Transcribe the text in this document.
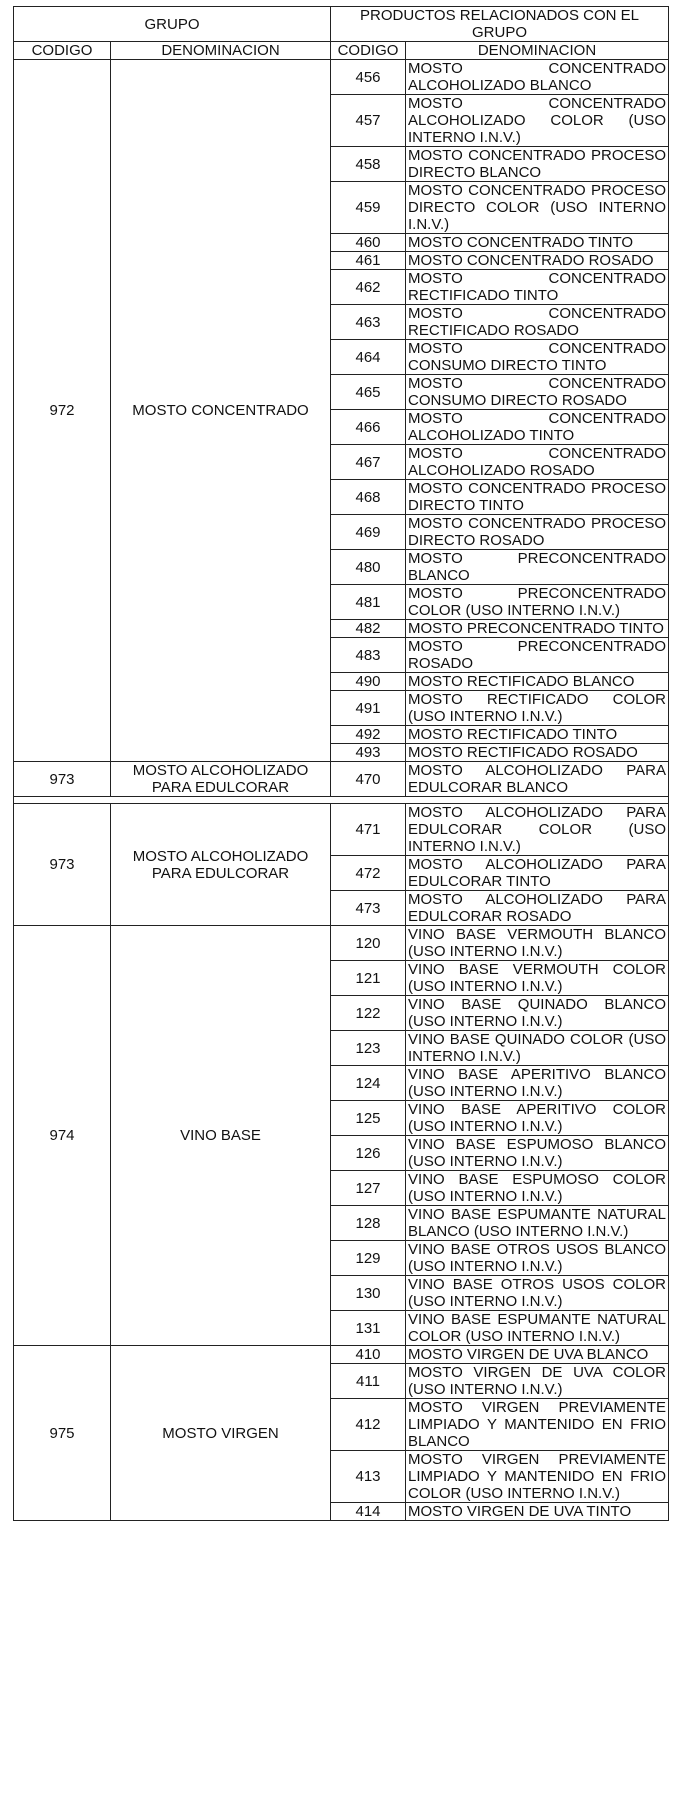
GRUPO		PRODUCTOS RELACIONADOS CON EL GRUPO	
CODIGO	DENOMINACION	CODIGO	DENOMINACION
972	MOSTO CONCENTRADO	456	MOSTO CONCENTRADO ALCOHOLIZADO BLANCO
		457	MOSTO CONCENTRADO ALCOHOLIZADO COLOR (USO INTERNO I.N.V.)
		458	MOSTO CONCENTRADO PROCESO DIRECTO BLANCO
		459	MOSTO CONCENTRADO PROCESO DIRECTO COLOR (USO INTERNO I.N.V.)
		460	MOSTO CONCENTRADO TINTO
		461	MOSTO CONCENTRADO ROSADO
		462	MOSTO CONCENTRADO RECTIFICADO TINTO
		463	MOSTO CONCENTRADO RECTIFICADO ROSADO
		464	MOSTO CONCENTRADO CONSUMO DIRECTO TINTO
		465	MOSTO CONCENTRADO CONSUMO DIRECTO ROSADO
		466	MOSTO CONCENTRADO ALCOHOLIZADO TINTO
		467	MOSTO CONCENTRADO ALCOHOLIZADO ROSADO
		468	MOSTO CONCENTRADO PROCESO DIRECTO TINTO
		469	MOSTO CONCENTRADO PROCESO DIRECTO ROSADO
		480	MOSTO PRECONCENTRADO BLANCO
		481	MOSTO PRECONCENTRADO COLOR (USO INTERNO I.N.V.)
		482	MOSTO PRECONCENTRADO TINTO
		483	MOSTO PRECONCENTRADO ROSADO
		490	MOSTO RECTIFICADO BLANCO
		491	MOSTO RECTIFICADO COLOR (USO INTERNO I.N.V.)
		492	MOSTO RECTIFICADO TINTO
		493	MOSTO RECTIFICADO ROSADO
973	MOSTO ALCOHOLIZADO PARA EDULCORAR	470	MOSTO ALCOHOLIZADO PARA EDULCORAR BLANCO

973	MOSTO ALCOHOLIZADO PARA EDULCORAR	471	MOSTO ALCOHOLIZADO PARA EDULCORAR COLOR (USO INTERNO I.N.V.)
		472	MOSTO ALCOHOLIZADO PARA EDULCORAR TINTO
		473	MOSTO ALCOHOLIZADO PARA EDULCORAR ROSADO
974	VINO BASE	120	VINO BASE VERMOUTH BLANCO (USO INTERNO I.N.V.)
		121	VINO BASE VERMOUTH COLOR (USO INTERNO I.N.V.)
		122	VINO BASE QUINADO BLANCO (USO INTERNO I.N.V.)
		123	VINO BASE QUINADO COLOR (USO INTERNO I.N.V.)
		124	VINO BASE APERITIVO BLANCO (USO INTERNO I.N.V.)
		125	VINO BASE APERITIVO COLOR (USO INTERNO I.N.V.)
		126	VINO BASE ESPUMOSO BLANCO (USO INTERNO I.N.V.)
		127	VINO BASE ESPUMOSO COLOR (USO INTERNO I.N.V.)
		128	VINO BASE ESPUMANTE NATURAL BLANCO (USO INTERNO I.N.V.)
		129	VINO BASE OTROS USOS BLANCO (USO INTERNO I.N.V.)
		130	VINO BASE OTROS USOS COLOR (USO INTERNO I.N.V.)
		131	VINO BASE ESPUMANTE NATURAL COLOR (USO INTERNO I.N.V.)
975	MOSTO VIRGEN	410	MOSTO VIRGEN DE UVA BLANCO
		411	MOSTO VIRGEN DE UVA COLOR (USO INTERNO I.N.V.)
		412	MOSTO VIRGEN PREVIAMENTE LIMPIADO Y MANTENIDO EN FRIO BLANCO
		413	MOSTO VIRGEN PREVIAMENTE LIMPIADO Y MANTENIDO EN FRIO COLOR (USO INTERNO I.N.V.)
		414	MOSTO VIRGEN DE UVA TINTO
